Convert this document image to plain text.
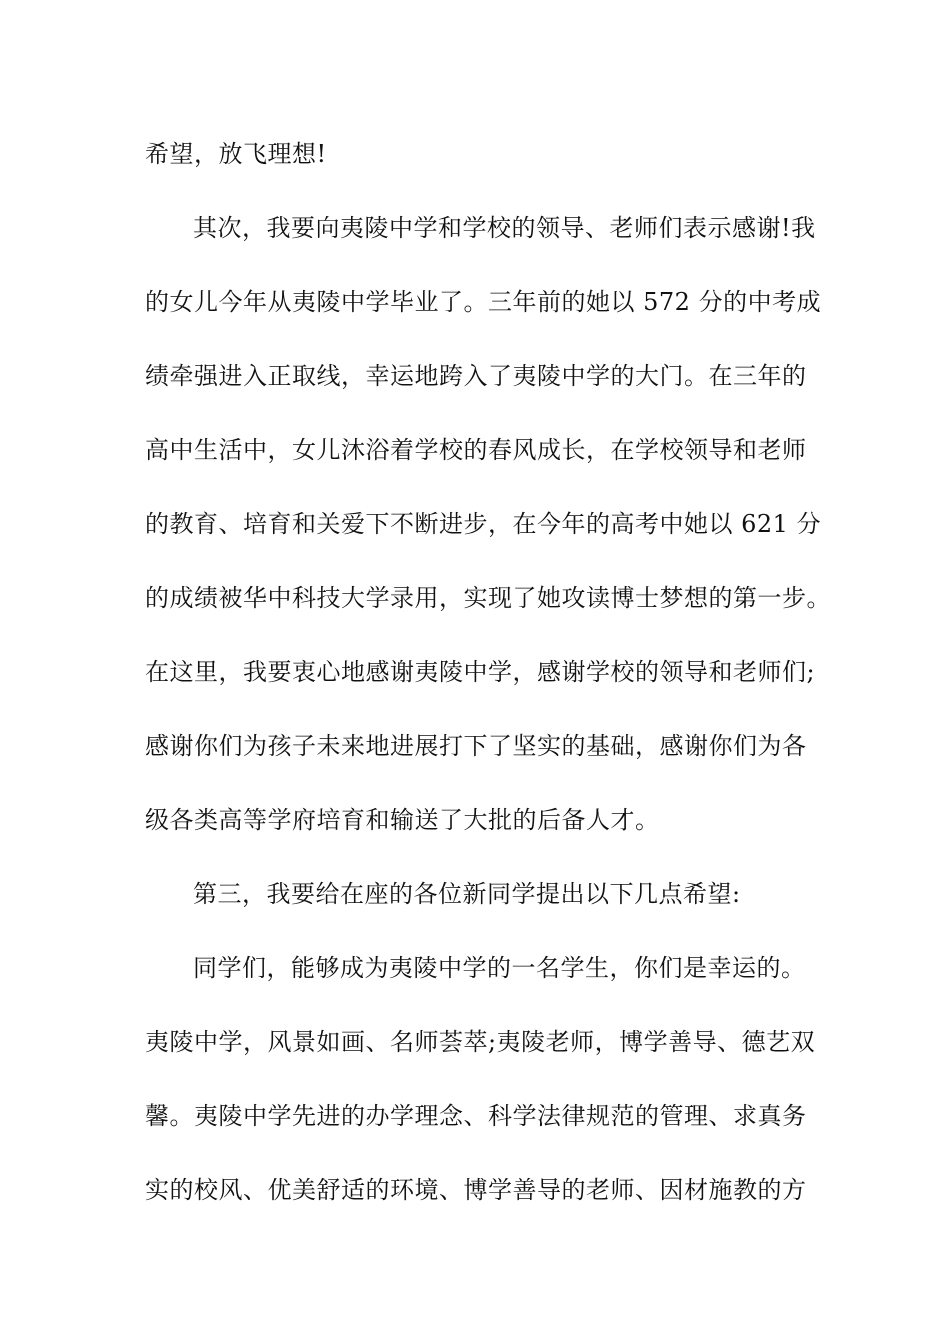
希望，放飞理想!
其次，我要向夷陵中学和学校的领导、老师们表示感谢!我
的女儿今年从夷陵中学毕业了。三年前的她以 572 分的中考成
绩牵强进入正取线，幸运地跨入了夷陵中学的大门。在三年的
高中生活中，女儿沐浴着学校的春风成长，在学校领导和老师
的教育、培育和关爱下不断进步，在今年的高考中她以 621 分
的成绩被华中科技大学录用，实现了她攻读博士梦想的第一步。
在这里，我要衷心地感谢夷陵中学，感谢学校的领导和老师们;
感谢你们为孩子未来地进展打下了坚实的基础，感谢你们为各
级各类高等学府培育和输送了大批的后备人才。
第三，我要给在座的各位新同学提出以下几点希望:
同学们，能够成为夷陵中学的一名学生，你们是幸运的。
夷陵中学，风景如画、名师荟萃;夷陵老师，博学善导、德艺双
馨。夷陵中学先进的办学理念、科学法律规范的管理、求真务
实的校风、优美舒适的环境、博学善导的老师、因材施教的方
